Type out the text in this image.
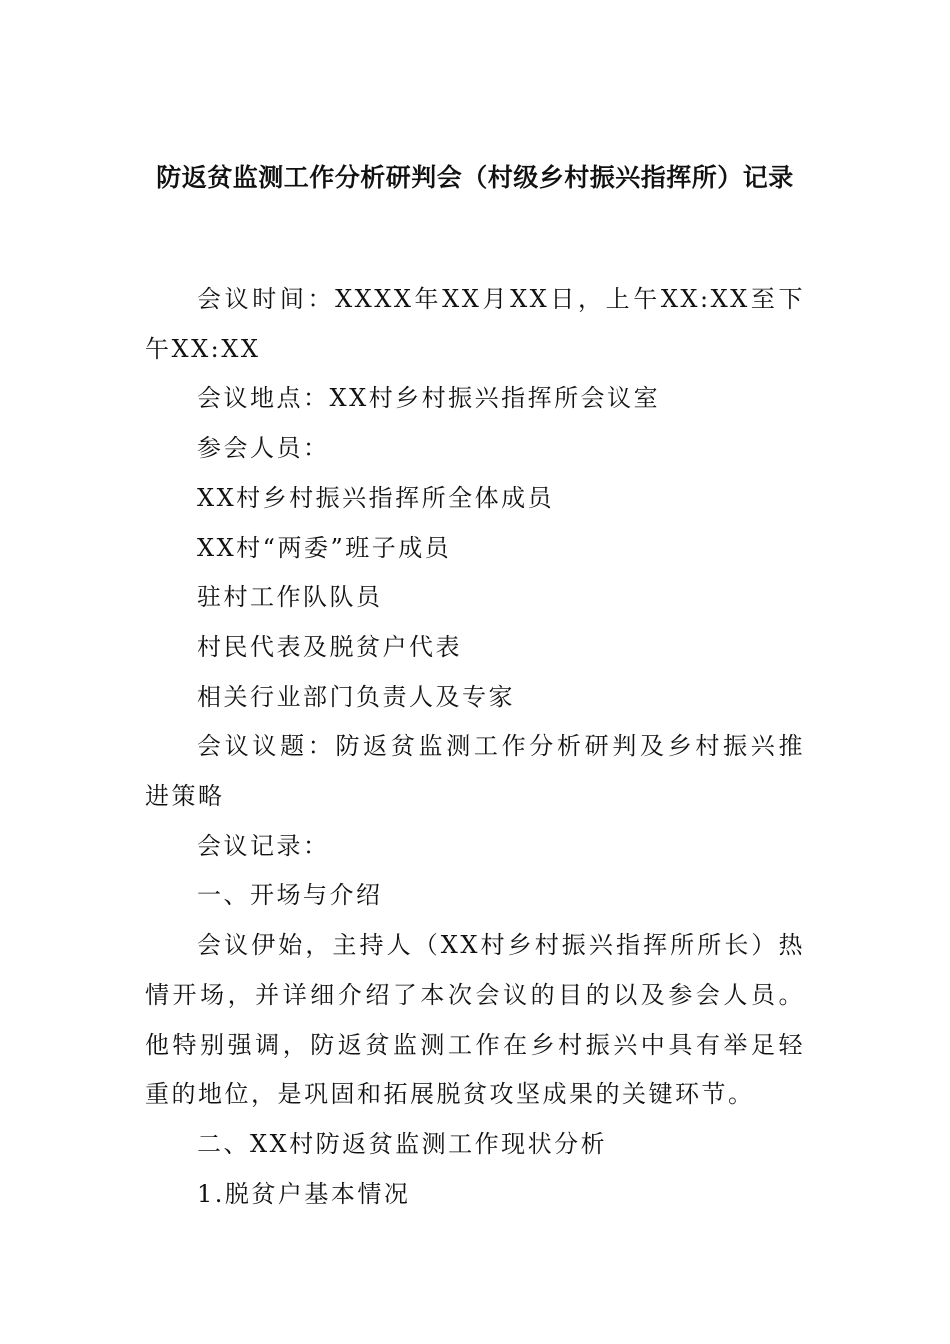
防返贫监测工作分析研判会（村级乡村振兴指挥所）记录

会议时间：XXXX年XX月XX日，上午XX:XX至下午XX:XX

会议地点：XX村乡村振兴指挥所会议室

参会人员：

XX村乡村振兴指挥所全体成员

XX村“两委”班子成员

驻村工作队队员

村民代表及脱贫户代表

相关行业部门负责人及专家

会议议题：防返贫监测工作分析研判及乡村振兴推进策略

会议记录：

一、开场与介绍

会议伊始，主持人（XX村乡村振兴指挥所所长）热情开场，并详细介绍了本次会议的目的以及参会人员。他特别强调，防返贫监测工作在乡村振兴中具有举足轻重的地位，是巩固和拓展脱贫攻坚成果的关键环节。

二、XX村防返贫监测工作现状分析

1.脱贫户基本情况
